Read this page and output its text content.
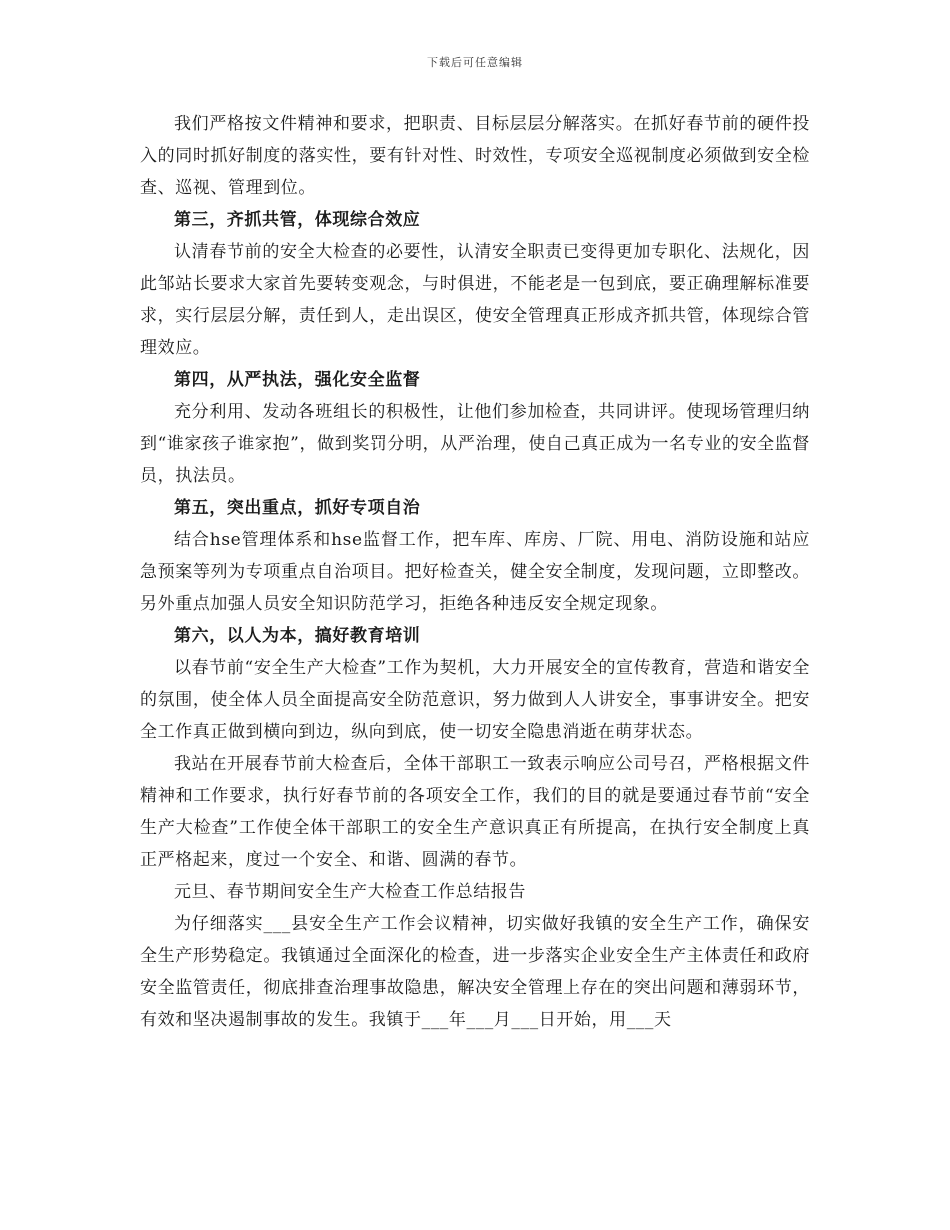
下载后可任意编辑

我们严格按文件精神和要求，把职责、目标层层分解落实。在抓好春节前的硬件投入的同时抓好制度的落实性，要有针对性、时效性，专项安全巡视制度必须做到安全检查、巡视、管理到位。

第三，齐抓共管，体现综合效应

认清春节前的安全大检查的必要性，认清安全职责已变得更加专职化、法规化，因此邹站长要求大家首先要转变观念，与时俱进，不能老是一包到底，要正确理解标准要求，实行层层分解，责任到人，走出误区，使安全管理真正形成齐抓共管，体现综合管理效应。

第四，从严执法，强化安全监督

充分利用、发动各班组长的积极性，让他们参加检查，共同讲评。使现场管理归纳到“谁家孩子谁家抱”，做到奖罚分明，从严治理，使自己真正成为一名专业的安全监督员，执法员。

第五，突出重点，抓好专项自治

结合hse管理体系和hse监督工作，把车库、库房、厂院、用电、消防设施和站应急预案等列为专项重点自治项目。把好检查关，健全安全制度，发现问题，立即整改。另外重点加强人员安全知识防范学习，拒绝各种违反安全规定现象。

第六，以人为本，搞好教育培训

以春节前“安全生产大检查”工作为契机，大力开展安全的宣传教育，营造和谐安全的氛围，使全体人员全面提高安全防范意识，努力做到人人讲安全，事事讲安全。把安全工作真正做到横向到边，纵向到底，使一切安全隐患消逝在萌芽状态。

我站在开展春节前大检查后，全体干部职工一致表示响应公司号召，严格根据文件精神和工作要求，执行好春节前的各项安全工作，我们的目的就是要通过春节前“安全生产大检查”工作使全体干部职工的安全生产意识真正有所提高，在执行安全制度上真正严格起来，度过一个安全、和谐、圆满的春节。

元旦、春节期间安全生产大检查工作总结报告

为仔细落实___县安全生产工作会议精神，切实做好我镇的安全生产工作，确保安全生产形势稳定。我镇通过全面深化的检查，进一步落实企业安全生产主体责任和政府安全监管责任，彻底排查治理事故隐患，解决安全管理上存在的突出问题和薄弱环节，有效和坚决遏制事故的发生。我镇于___年___月___日开始，用___天
